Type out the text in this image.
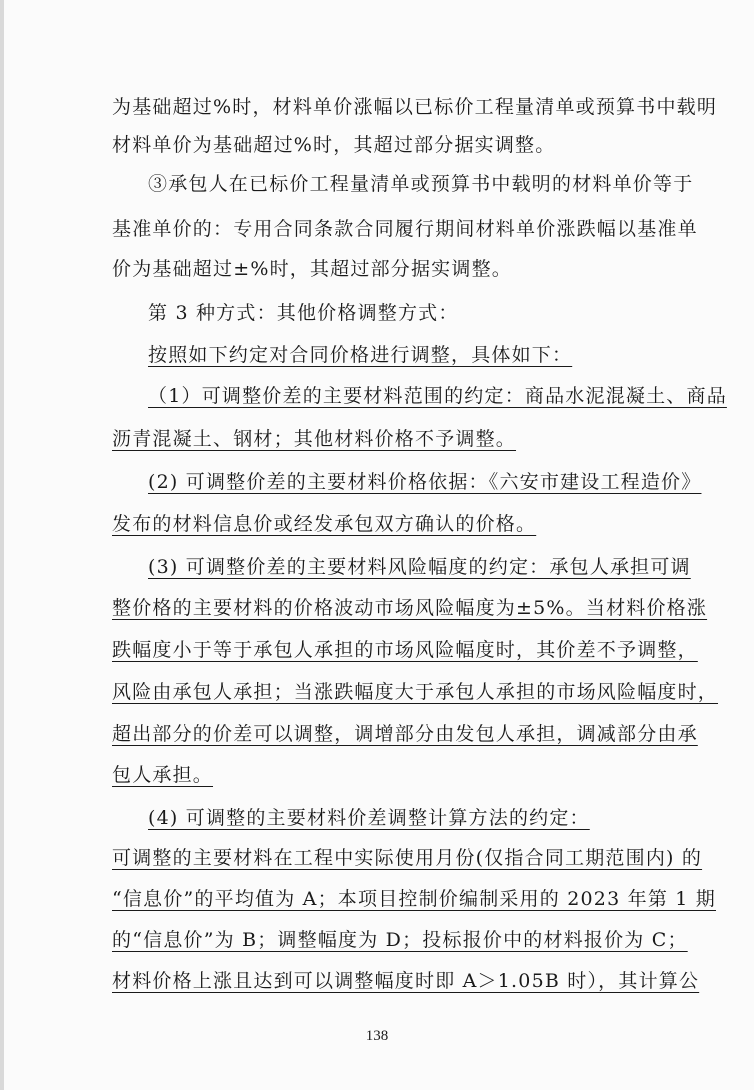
为基础超过%时，材料单价涨幅以已标价工程量清单或预算书中载明
材料单价为基础超过%时，其超过部分据实调整。
③承包人在已标价工程量清单或预算书中载明的材料单价等于
基准单价的：专用合同条款合同履行期间材料单价涨跌幅以基准单
价为基础超过±%时，其超过部分据实调整。
第 3 种方式：其他价格调整方式：
按照如下约定对合同价格进行调整，具体如下：
（1）可调整价差的主要材料范围的约定：商品水泥混凝土、商品
沥青混凝土、钢材；其他材料价格不予调整。
(2) 可调整价差的主要材料价格依据：《六安市建设工程造价》
发布的材料信息价或经发承包双方确认的价格。
(3) 可调整价差的主要材料风险幅度的约定：承包人承担可调
整价格的主要材料的价格波动市场风险幅度为±5%。当材料价格涨
跌幅度小于等于承包人承担的市场风险幅度时，其价差不予调整，
风险由承包人承担；当涨跌幅度大于承包人承担的市场风险幅度时，
超出部分的价差可以调整，调增部分由发包人承担，调减部分由承
包人承担。
(4) 可调整的主要材料价差调整计算方法的约定：
可调整的主要材料在工程中实际使用月份(仅指合同工期范围内) 的
“信息价”的平均值为 A；本项目控制价编制采用的 2023 年第 1 期
的“信息价”为 B；调整幅度为 D；投标报价中的材料报价为 C；
材料价格上涨且达到可以调整幅度时即 A＞1.05B 时），其计算公
138
